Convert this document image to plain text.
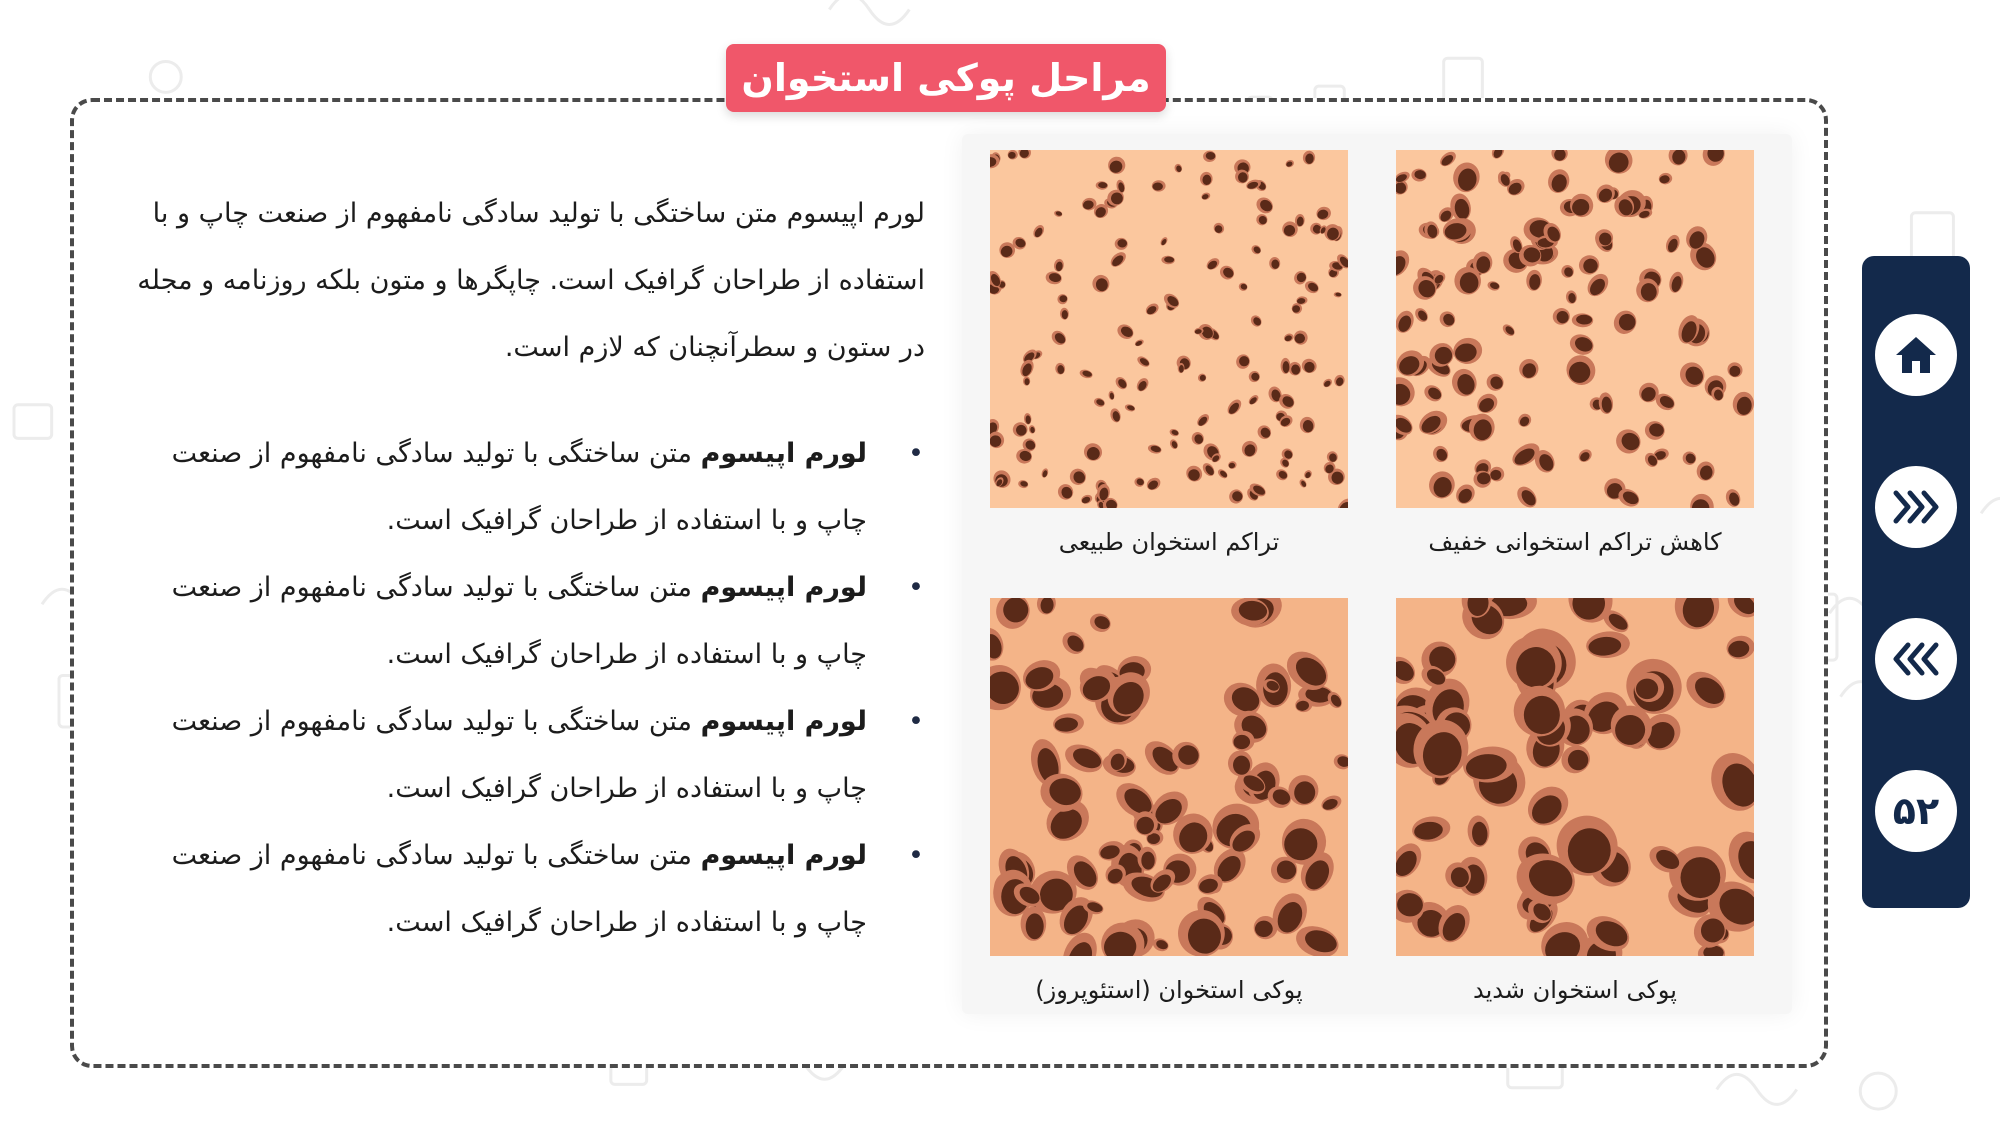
مراحل پوکی استخوان
لورم اپیسوم متن ساختگی با تولید سادگی نامفهوم از صنعت چاپ و با استفاده از طراحان گرافیک است. چاپگرها و متون بلکه روزنامه و مجله در ستون و سطرآنچنان که لازم است.
•
لورم اپیسوم متن ساختگی با تولید سادگی نامفهوم از صنعت چاپ و با استفاده از طراحان گرافیک است.
•
لورم اپیسوم متن ساختگی با تولید سادگی نامفهوم از صنعت چاپ و با استفاده از طراحان گرافیک است.
•
لورم اپیسوم متن ساختگی با تولید سادگی نامفهوم از صنعت چاپ و با استفاده از طراحان گرافیک است.
•
لورم اپیسوم متن ساختگی با تولید سادگی نامفهوم از صنعت چاپ و با استفاده از طراحان گرافیک است.
تراکم استخوان طبیعی	کاهش تراکم استخوانی خفیف
پوکی استخوان (استئوپروز)	پوکی استخوان شدید
۵۲
